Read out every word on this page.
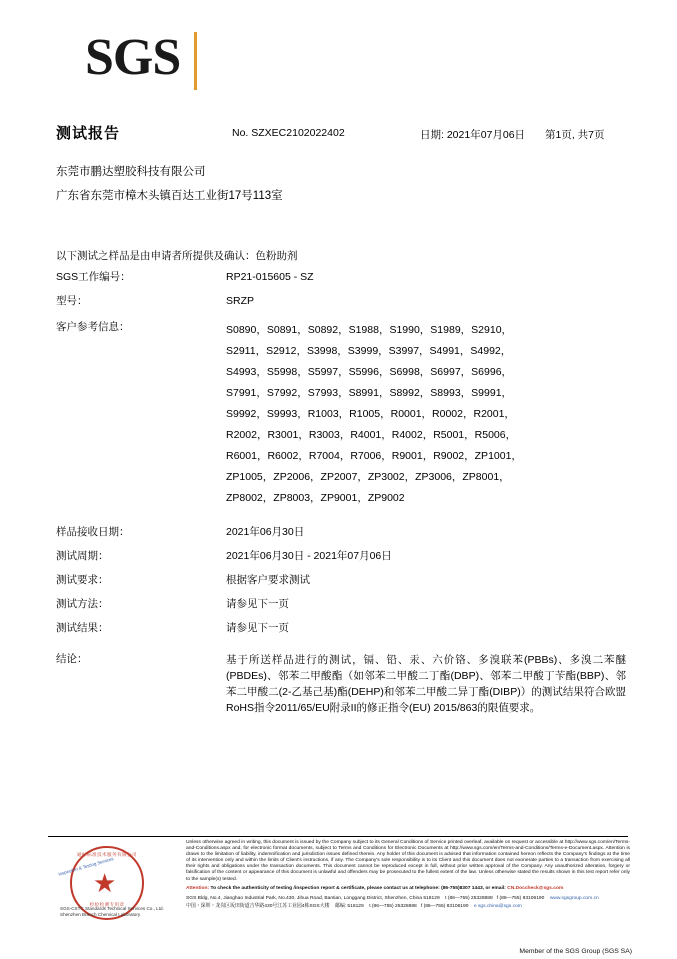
SGS
测试报告	No. SZXEC2102022402	日期: 2021年07月06日 第1页, 共7页
东莞市鹏达塑胶科技有限公司
广东省东莞市樟木头镇百达工业街17号113室
以下测试之样品是由申请者所提供及确认：色粉助剂
SGS工作编号：	RP21-015605 - SZ
型号：	SRZP
客户参考信息：	S0890，S0891，S0892，S1988，S1990，S1989，S2910，
S2911，S2912，S3998，S3999，S3997，S4991，S4992，
S4993，S5998，S5997，S5996，S6998，S6997，S6996，
S7991，S7992，S7993，S8991，S8992，S8993，S9991，
S9992，S9993，R1003，R1005，R0001，R0002，R2001，
R2002，R3001，R3003，R4001，R4002，R5001，R5006，
R6001，R6002，R7004，R7006，R9001，R9002，ZP1001，
ZP1005，ZP2006，ZP2007，ZP3002，ZP3006，ZP8001，
ZP8002，ZP8003，ZP9001，ZP9002
样品接收日期：	2021年06月30日
测试周期：	2021年06月30日 - 2021年07月06日
测试要求：	根据客户要求测试
测试方法：	请参见下一页
测试结果：	请参见下一页
结论：	基于所送样品进行的测试，镉、铅、汞、六价铬、多溴联苯(PBBs)、多溴二苯醚(PBDEs)、邻苯二甲酸酯（如邻苯二甲酸二丁酯(DBP)、邻苯二甲酸丁苄酯(BBP)、邻苯二甲酸二(2-乙基己基)酯(DEHP)和邻苯二甲酸二异丁酯(DIBP)）的测试结果符合欧盟RoHS指令2011/65/EU附录II的修正指令(EU) 2015/863的限值要求。
通标标准技术服务有限公司
★
检验检测专用章
Inspection & Testing Services
SGS-CSTC Standards Technical Services Co., Ltd.
Shenzhen Branch Chemical Laboratory
Unless otherwise agreed in writing, this document is issued by the Company subject to its General Conditions of Service printed overleaf, available on request or accessible at http://www.sgs.com/en/Terms-and-Conditions.aspx and, for electronic format documents, subject to Terms and Conditions for Electronic Documents at http://www.sgs.com/en/Terms-and-Conditions/Terms-e-Document.aspx. Attention is drawn to the limitation of liability, indemnification and jurisdiction issues defined therein. Any holder of this document is advised that information contained hereon reflects the Company's findings at the time of its intervention only and within the limits of Client's instructions, if any. The Company's sole responsibility is to its Client and this document does not exonerate parties to a transaction from exercising all their rights and obligations under the transaction documents. This document cannot be reproduced except in full, without prior written approval of the Company. Any unauthorized alteration, forgery or falsification of the content or appearance of this document is unlawful and offenders may be prosecuted to the fullest extent of the law. Unless otherwise stated the results shown in this test report refer only to the sample(s) tested.
Attention: To check the authenticity of testing /inspection report & certificate, please contact us at telephone: (86-755)8307 1443, or email: CN.Doccheck@sgs.com
SGS Bldg, No.4, Jianghao Industrial Park, No.430, Jihua Road, Bantian, Longgang District, Shenzhen, China 518129 t (86—755) 25328888 f (86—755) 83106190 www.sgsgroup.com.cn
中国・深圳・龙岗区坂田街道吉华路430号江苏工业园4栋SGS大楼 邮编: 518129 t (86—755) 25328888 f (86—755) 83106190 e sgs.china@sgs.com
Member of the SGS Group (SGS SA)
